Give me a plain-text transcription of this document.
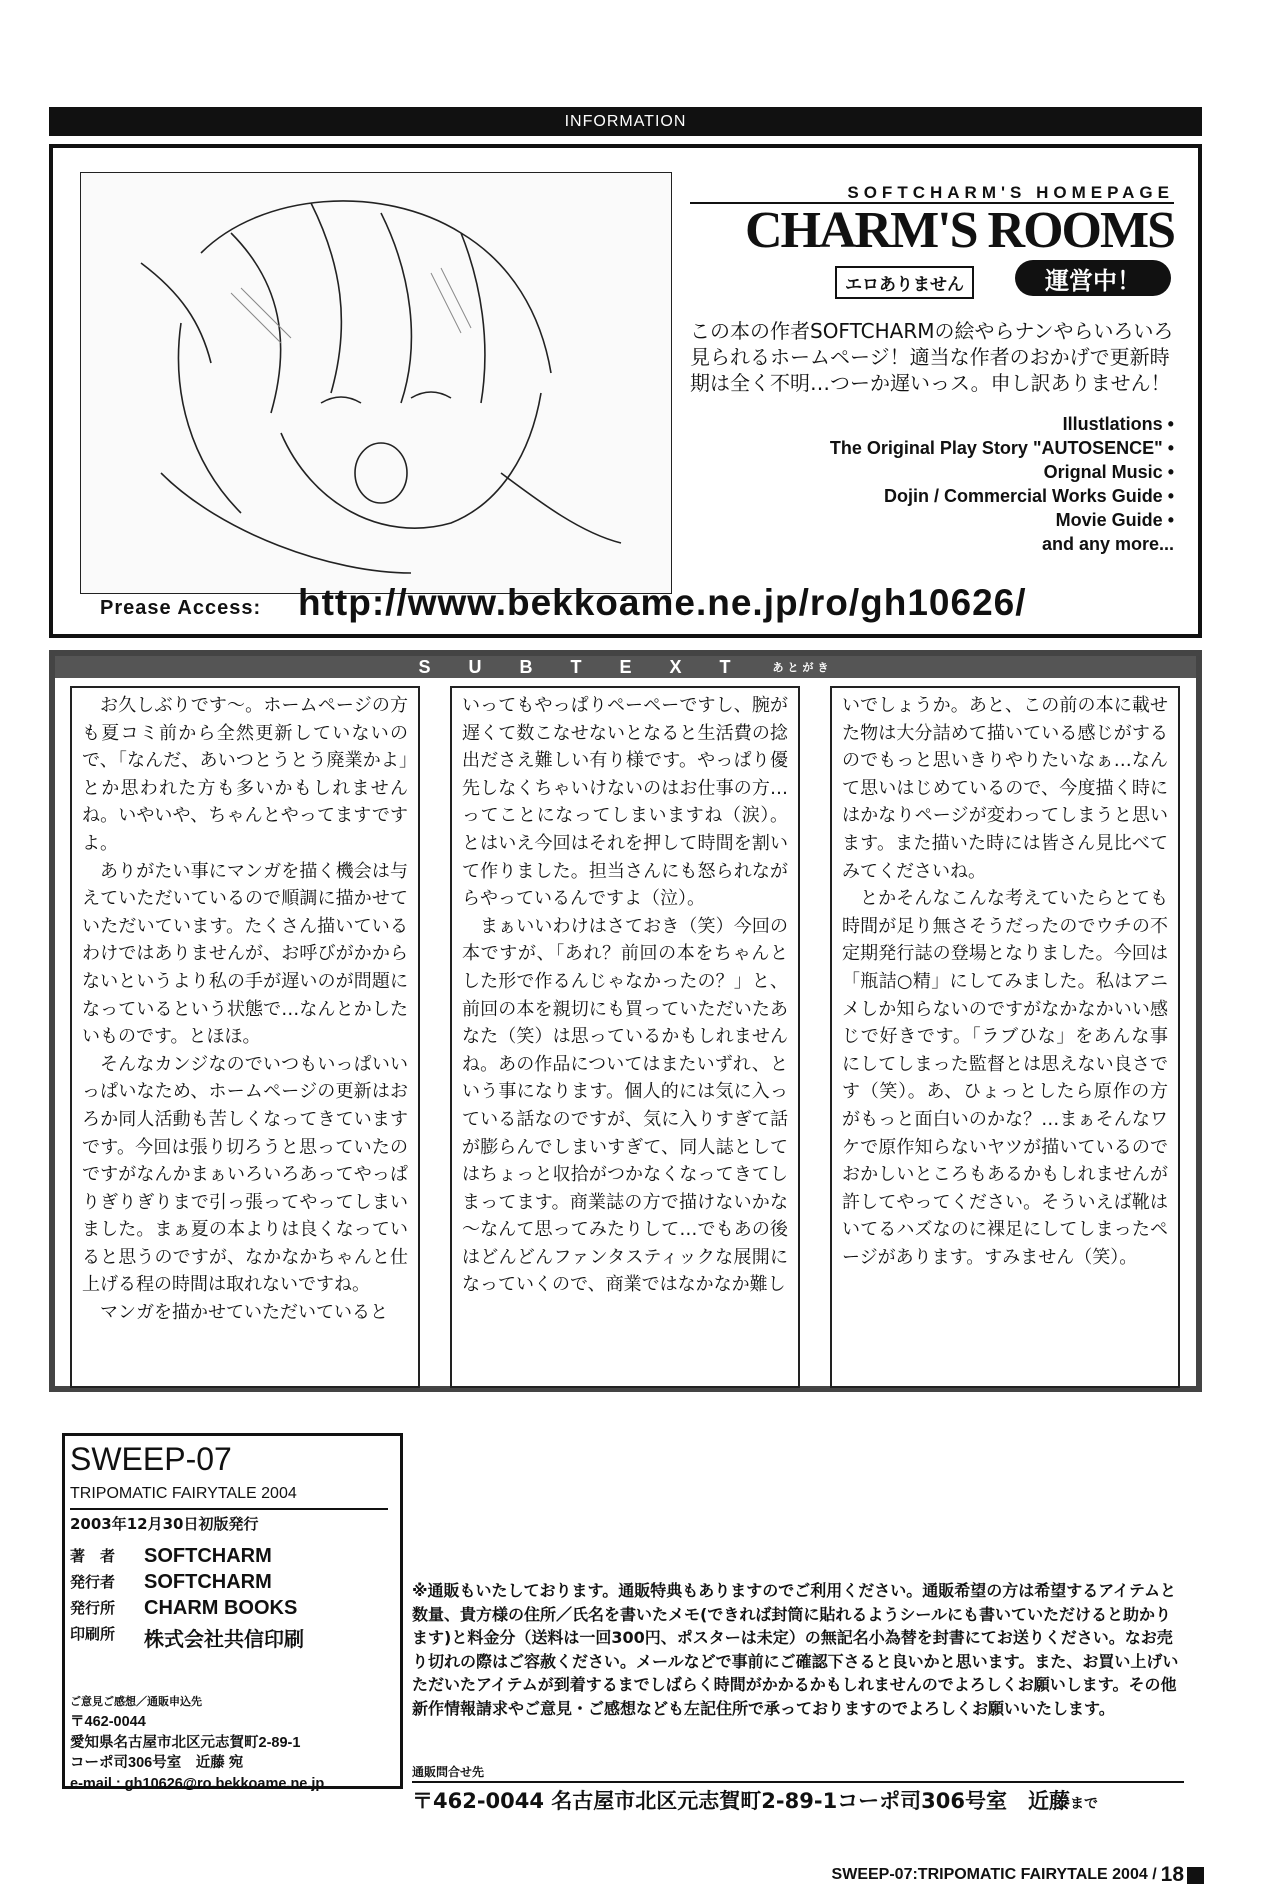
INFORMATION
SOFTCHARM'S HOMEPAGE
CHARM'S ROOMS
エロありません	運営中！
この本の作者SOFTCHARMの絵やらナンやらいろいろ見られるホームページ！適当な作者のおかげで更新時期は全く不明…つーか遅いっス。申し訳ありません！
Illustlations •
The Original Play Story "AUTOSENCE" •
Orignal Music •
Dojin / Commercial Works Guide •
Movie Guide •
and any more...
Prease Access: http://www.bekkoame.ne.jp/ro/gh10626/
SUBTEXT あとがき

お久しぶりです～。ホームページの方も夏コミ前から全然更新していないので、「なんだ、あいつとうとう廃業かよ」とか思われた方も多いかもしれませんね。いやいや、ちゃんとやってますですよ。

ありがたい事にマンガを描く機会は与えていただいているので順調に描かせていただいています。たくさん描いているわけではありませんが、お呼びがかからないというより私の手が遅いのが問題になっているという状態で…なんとかしたいものです。とほほ。

そんなカンジなのでいつもいっぱいいっぱいなため、ホームページの更新はおろか同人活動も苦しくなってきていますです。今回は張り切ろうと思っていたのですがなんかまぁいろいろあってやっぱりぎりぎりまで引っ張ってやってしまいました。まぁ夏の本よりは良くなっていると思うのですが、なかなかちゃんと仕上げる程の時間は取れないですね。

マンガを描かせていただいていると

いってもやっぱりペーペーですし、腕が遅くて数こなせないとなると生活費の捻出ださえ難しい有り様です。やっぱり優先しなくちゃいけないのはお仕事の方…ってことになってしまいますね（涙）。とはいえ今回はそれを押して時間を割いて作りました。担当さんにも怒られながらやっているんですよ（泣）。

まぁいいわけはさておき（笑）今回の本ですが、「あれ？前回の本をちゃんとした形で作るんじゃなかったの？」と、前回の本を親切にも買っていただいたあなた（笑）は思っているかもしれませんね。あの作品についてはまたいずれ、という事になります。個人的には気に入っている話なのですが、気に入りすぎて話が膨らんでしまいすぎて、同人誌としてはちょっと収拾がつかなくなってきてしまってます。商業誌の方で描けないかな～なんて思ってみたりして…でもあの後はどんどんファンタスティックな展開になっていくので、商業ではなかなか難し

いでしょうか。あと、この前の本に載せた物は大分詰めて描いている感じがするのでもっと思いきりやりたいなぁ…なんて思いはじめているので、今度描く時にはかなりページが変わってしまうと思います。また描いた時には皆さん見比べてみてくださいね。

とかそんなこんな考えていたらとても時間が足り無さそうだったのでウチの不定期発行誌の登場となりました。今回は「瓶詰○精」にしてみました。私はアニメしか知らないのですがなかなかいい感じで好きです。「ラブひな」をあんな事にしてしまった監督とは思えない良さです（笑）。あ、ひょっとしたら原作の方がもっと面白いのかな？…まぁそんなワケで原作知らないヤツが描いているのでおかしいところもあるかもしれませんが許してやってください。そういえば靴はいてるハズなのに裸足にしてしまったページがあります。すみません（笑）。

SWEEP-07
TRIPOMATIC FAIRYTALE 2004
2003年12月30日初版発行
著　者	SOFTCHARM
発行者	SOFTCHARM
発行所	CHARM BOOKS
印刷所	株式会社共信印刷
ご意見ご感想／通販申込先
〒462-0044
愛知県名古屋市北区元志賀町2-89-1
コーポ司306号室　近藤 宛
e-mail : gh10626@ro.bekkoame.ne.jp
※通販もいたしております。通販特典もありますのでご利用ください。通販希望の方は希望するアイテムと数量、貴方様の住所／氏名を書いたメモ(できれば封筒に貼れるようシールにも書いていただけると助かります)と料金分（送料は一回300円、ポスターは未定）の無記名小為替を封書にてお送りください。なお売り切れの際はご容赦ください。メールなどで事前にご確認下さると良いかと思います。また、お買い上げいただいたアイテムが到着するまでしばらく時間がかかるかもしれませんのでよろしくお願いします。その他新作情報請求やご意見・ご感想なども左記住所で承っておりますのでよろしくお願いいたします。
通販問合せ先
〒462-0044 名古屋市北区元志賀町2-89-1コーポ司306号室　近藤まで
SWEEP-07:TRIPOMATIC FAIRYTALE 2004 / 18
